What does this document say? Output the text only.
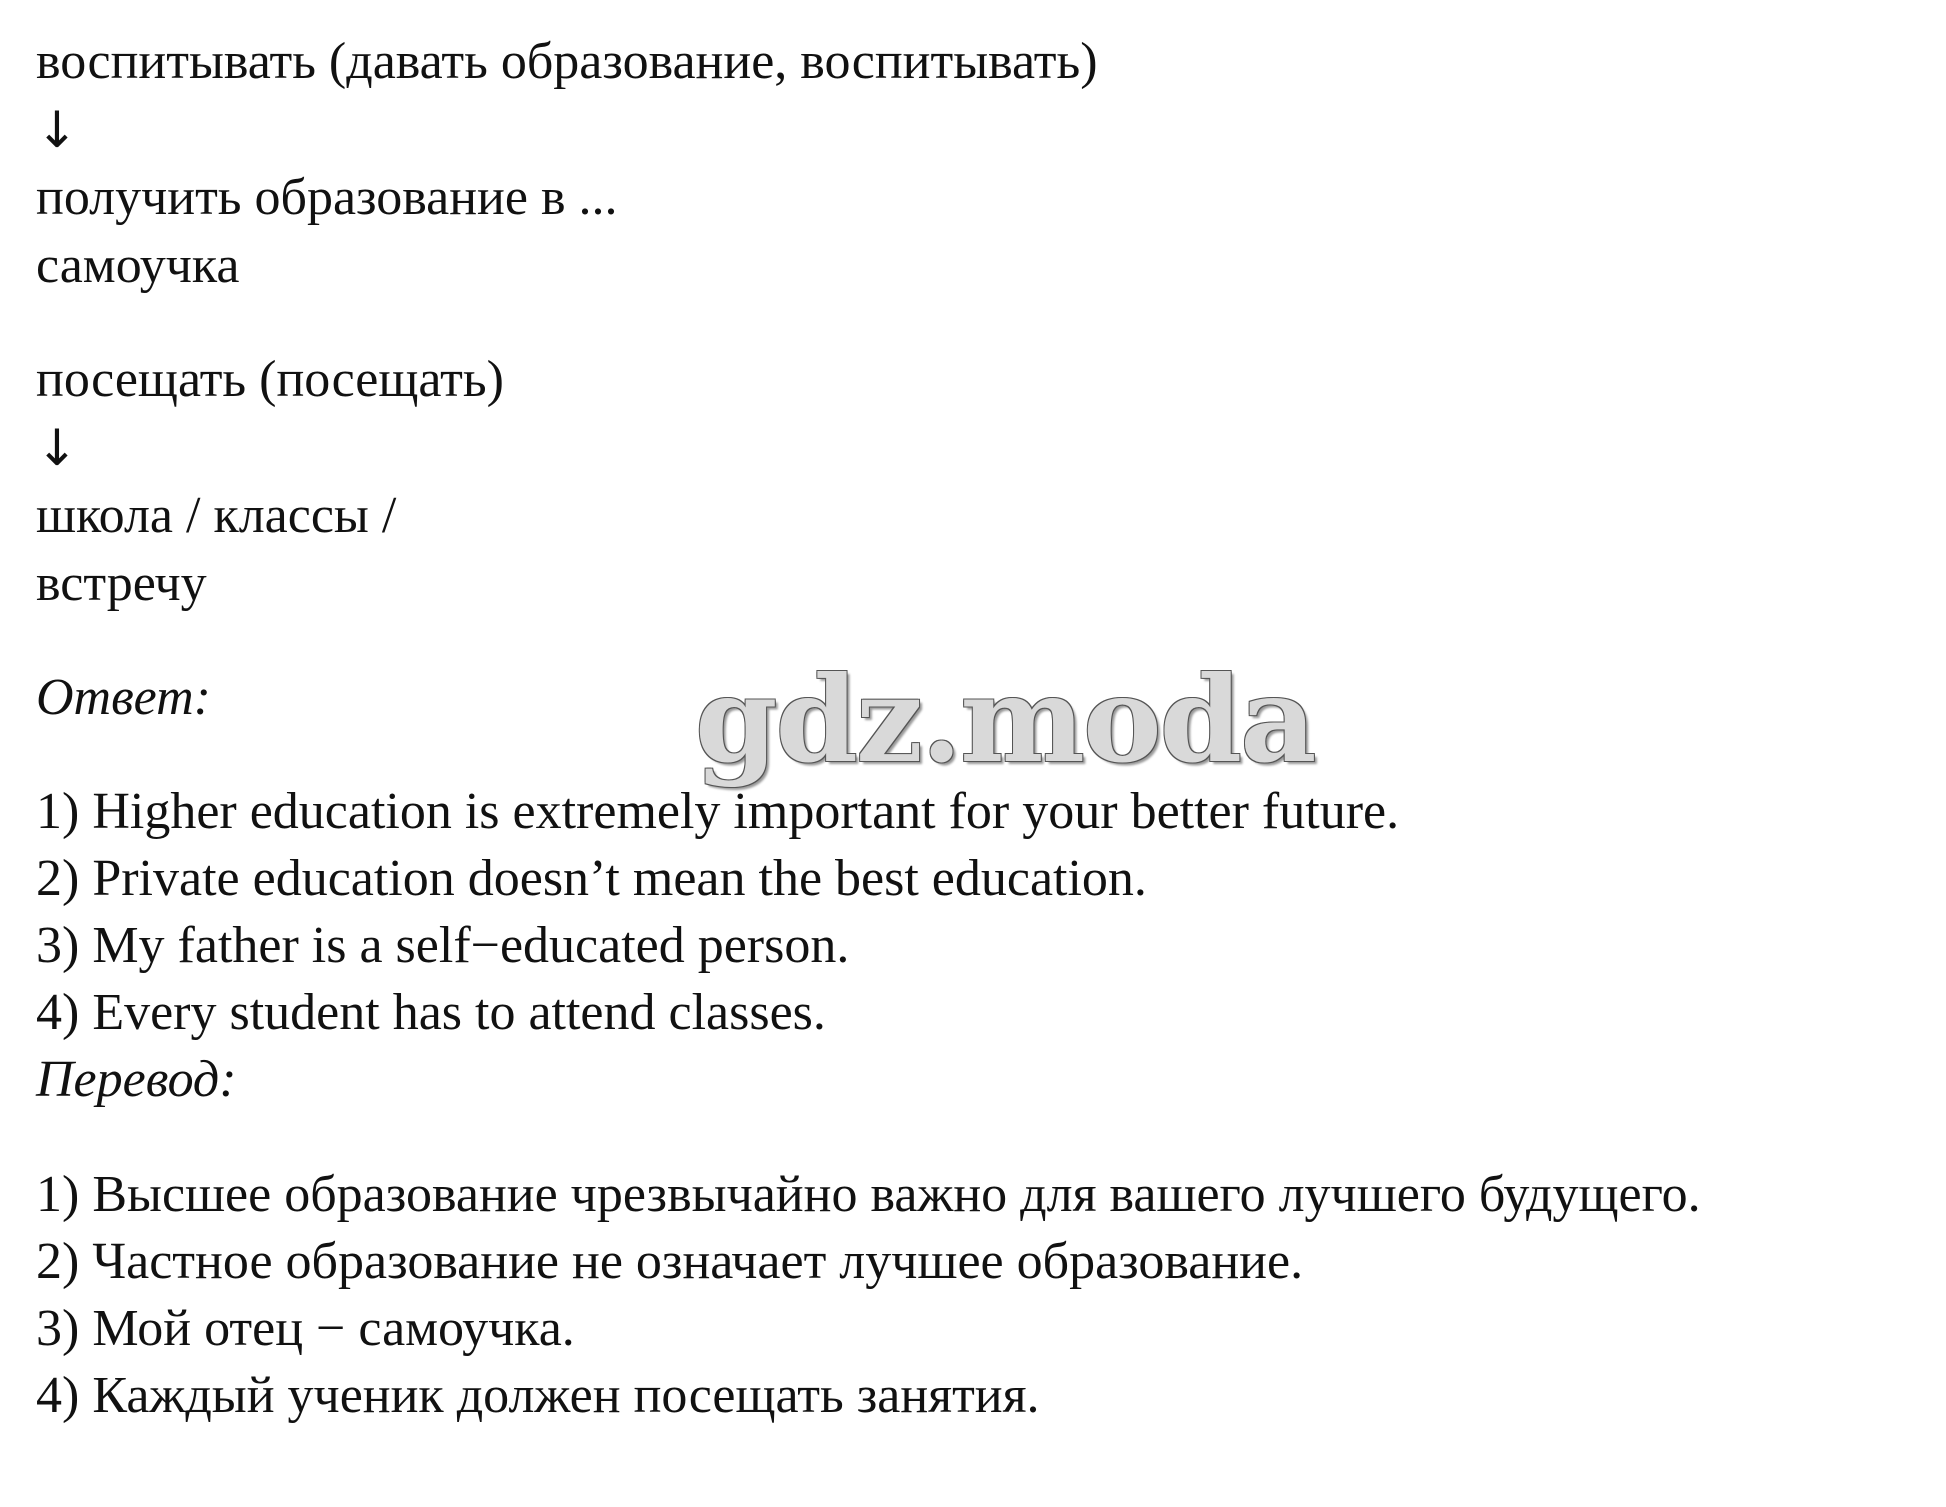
воспитывать (давать образование, воспитывать)
↓
получить образование в ...
самоучка
посещать (посещать)
↓
школа / классы /
встречу
Ответ:	gdz.moda
1) Higher education is extremely important for your better future.
2) Private education doesn’t mean the best education.
3) My father is a self−educated person.
4) Every student has to attend classes.
Перевод:
1) Высшее образование чрезвычайно важно для вашего лучшего будущего.
2) Частное образование не означает лучшее образование.
3) Мой отец − самоучка.
4) Каждый ученик должен посещать занятия.
